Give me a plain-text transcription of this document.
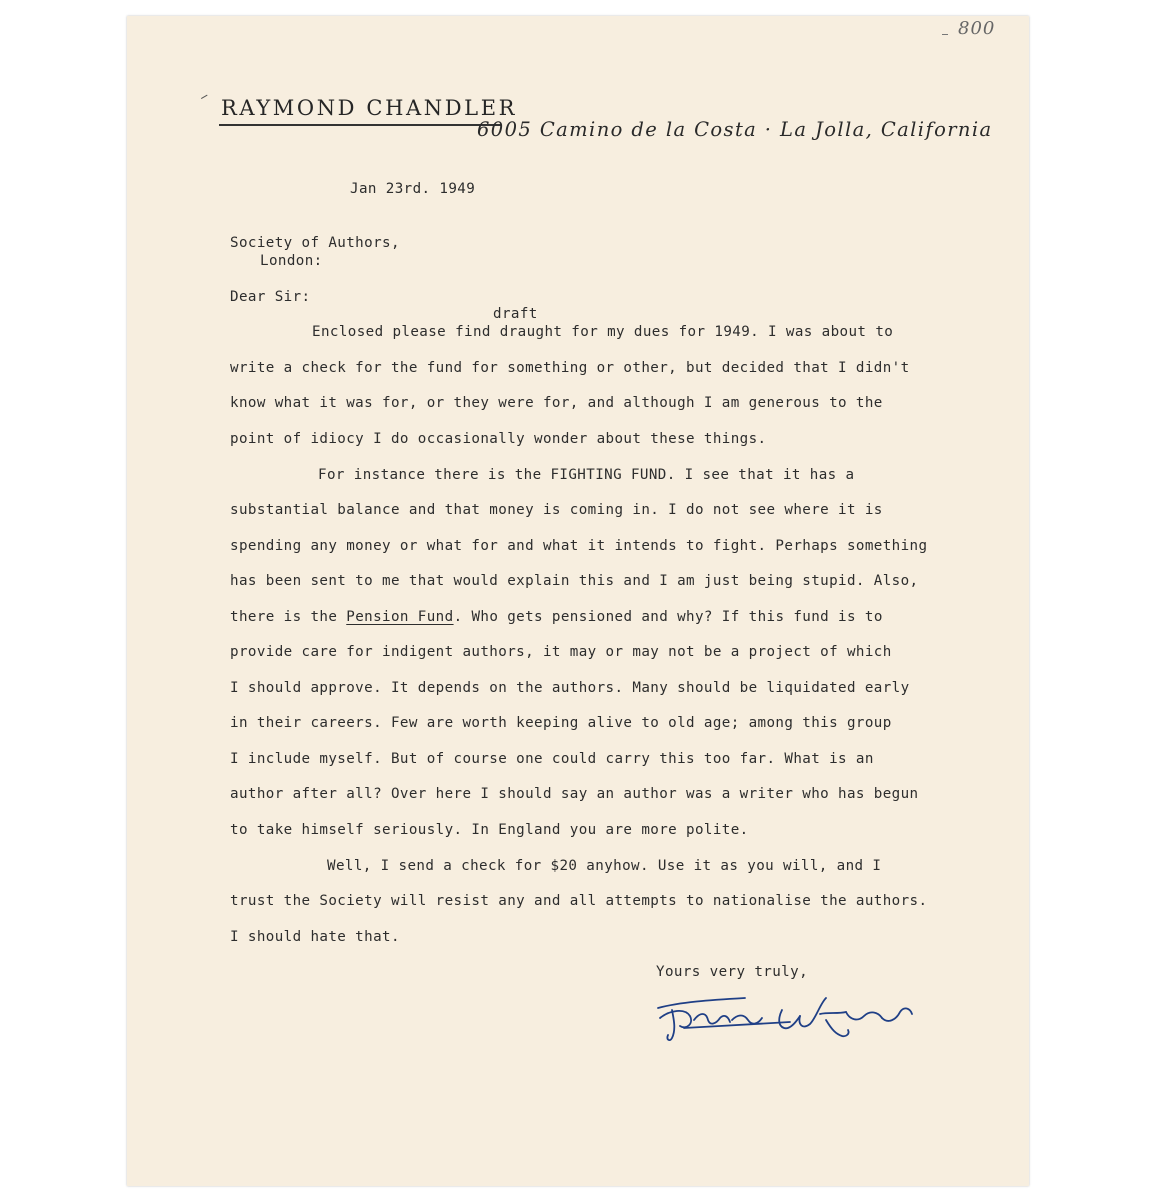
800
RAYMOND CHANDLER
6005 Camino de la Costa · La Jolla, California
Jan 23rd. 1949
Society of Authors,
London:
Dear Sir:
draft
Enclosed please find draught for my dues for 1949. I was about to
write a check for the fund for something or other, but decided that I didn't
know what it was for, or they were for, and although I am generous to the
point of idiocy I do occasionally wonder about these things.
For instance there is the FIGHTING FUND. I see that it has a
substantial balance and that money is coming in. I do not see where it is
spending any money or what for and what it intends to fight. Perhaps something
has been sent to me that would explain this and I am just being stupid. Also,
there is the Pension Fund. Who gets pensioned and why? If this fund is to
provide care for indigent authors, it may or may not be a project of which
I should approve. It depends on the authors. Many should be liquidated early
in their careers. Few are worth keeping alive to old age; among this group
I include myself. But of course one could carry this too far. What is an
author after all? Over here I should say an author was a writer who has begun
to take himself seriously. In England you are more polite.
Well, I send a check for $20 anyhow. Use it as you will, and I
trust the Society will resist any and all attempts to nationalise the authors.
I should hate that.
Yours very truly,
